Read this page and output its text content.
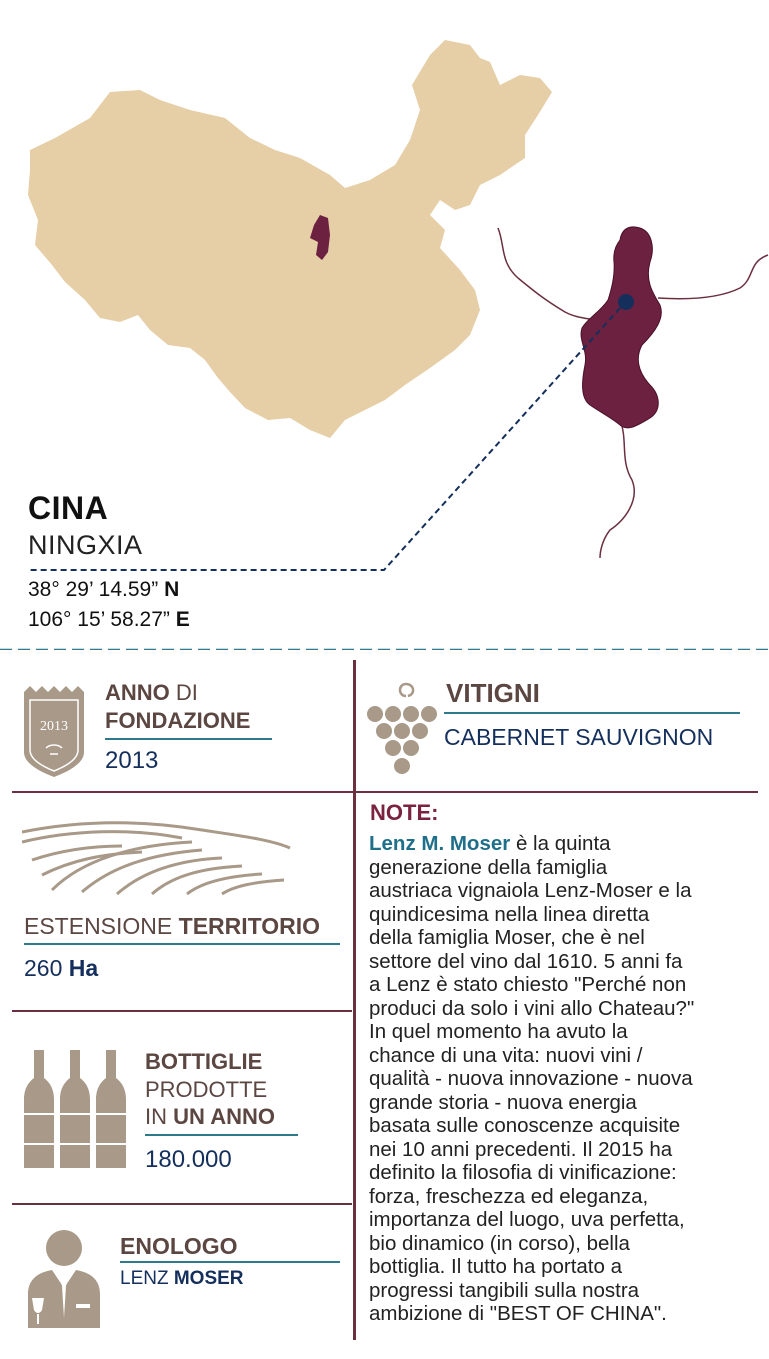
CINA
NINGXIA
38° 29’ 14.59” N
106° 15’ 58.27” E
2013
ANNO DI
FONDAZIONE
2013
VITIGNI
CABERNET SAUVIGNON
ESTENSIONE TERRITORIO
260 Ha
BOTTIGLIE
PRODOTTE
IN UN ANNO
180.000
ENOLOGO
LENZ MOSER
NOTE:
Lenz M. Moser è la quinta
generazione della famiglia
austriaca vignaiola Lenz-Moser e la
quindicesima nella linea diretta
della famiglia Moser, che è nel
settore del vino dal 1610. 5 anni fa
a Lenz è stato chiesto "Perché non
produci da solo i vini allo Chateau?"
In quel momento ha avuto la
chance di una vita: nuovi vini /
qualità - nuova innovazione - nuova
grande storia - nuova energia
basata sulle conoscenze acquisite
nei 10 anni precedenti. Il 2015 ha
definito la filosofia di vinificazione:
forza, freschezza ed eleganza,
importanza del luogo, uva perfetta,
bio dinamico (in corso), bella
bottiglia. Il tutto ha portato a
progressi tangibili sulla nostra
ambizione di "BEST OF CHINA".
